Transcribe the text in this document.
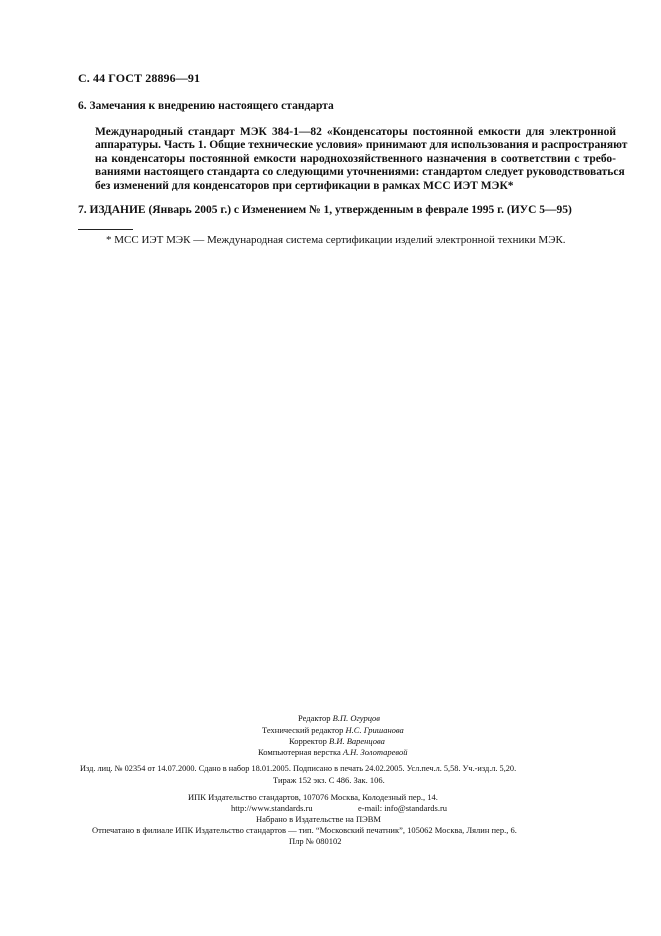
С. 44 ГОСТ 28896—91
6. Замечания к внедрению настоящего стандарта
Международный стандарт МЭК 384-1—82 «Конденсаторы постоянной емкости для электронной
аппаратуры. Часть 1. Общие технические условия» принимают для использования и распространяют
на конденсаторы постоянной емкости народнохозяйственного назначения в соответствии с требо-
ваниями настоящего стандарта со следующими уточнениями: стандартом следует руководствоваться
без изменений для конденсаторов при сертификации в рамках МСС ИЭТ МЭК*
7. ИЗДАНИЕ (Январь 2005 г.) с Изменением № 1, утвержденным в феврале 1995 г. (ИУС 5—95)
* МСС ИЭТ МЭК — Международная система сертификации изделий электронной техники МЭК.
Редактор В.П. Огурцов
Технический редактор Н.С. Гришанова
Корректор В.И. Варенцова
Компьютерная верстка А.Н. Золотаревой
Изд. лиц. № 02354 от 14.07.2000. Сдано в набор 18.01.2005. Подписано в печать 24.02.2005. Усл.печ.л. 5,58. Уч.-изд.л. 5,20.
Тираж 152 экз. С 486. Зак. 106.
ИПК Издательство стандартов, 107076 Москва, Колодезный пер., 14.
http://www.standards.ru	e-mail: info@standards.ru
Набрано в Издательстве на ПЭВМ
Отпечатано в филиале ИПК Издательство стандартов — тип. “Московский печатник”, 105062 Москва, Лялин пер., 6.
Плр № 080102
